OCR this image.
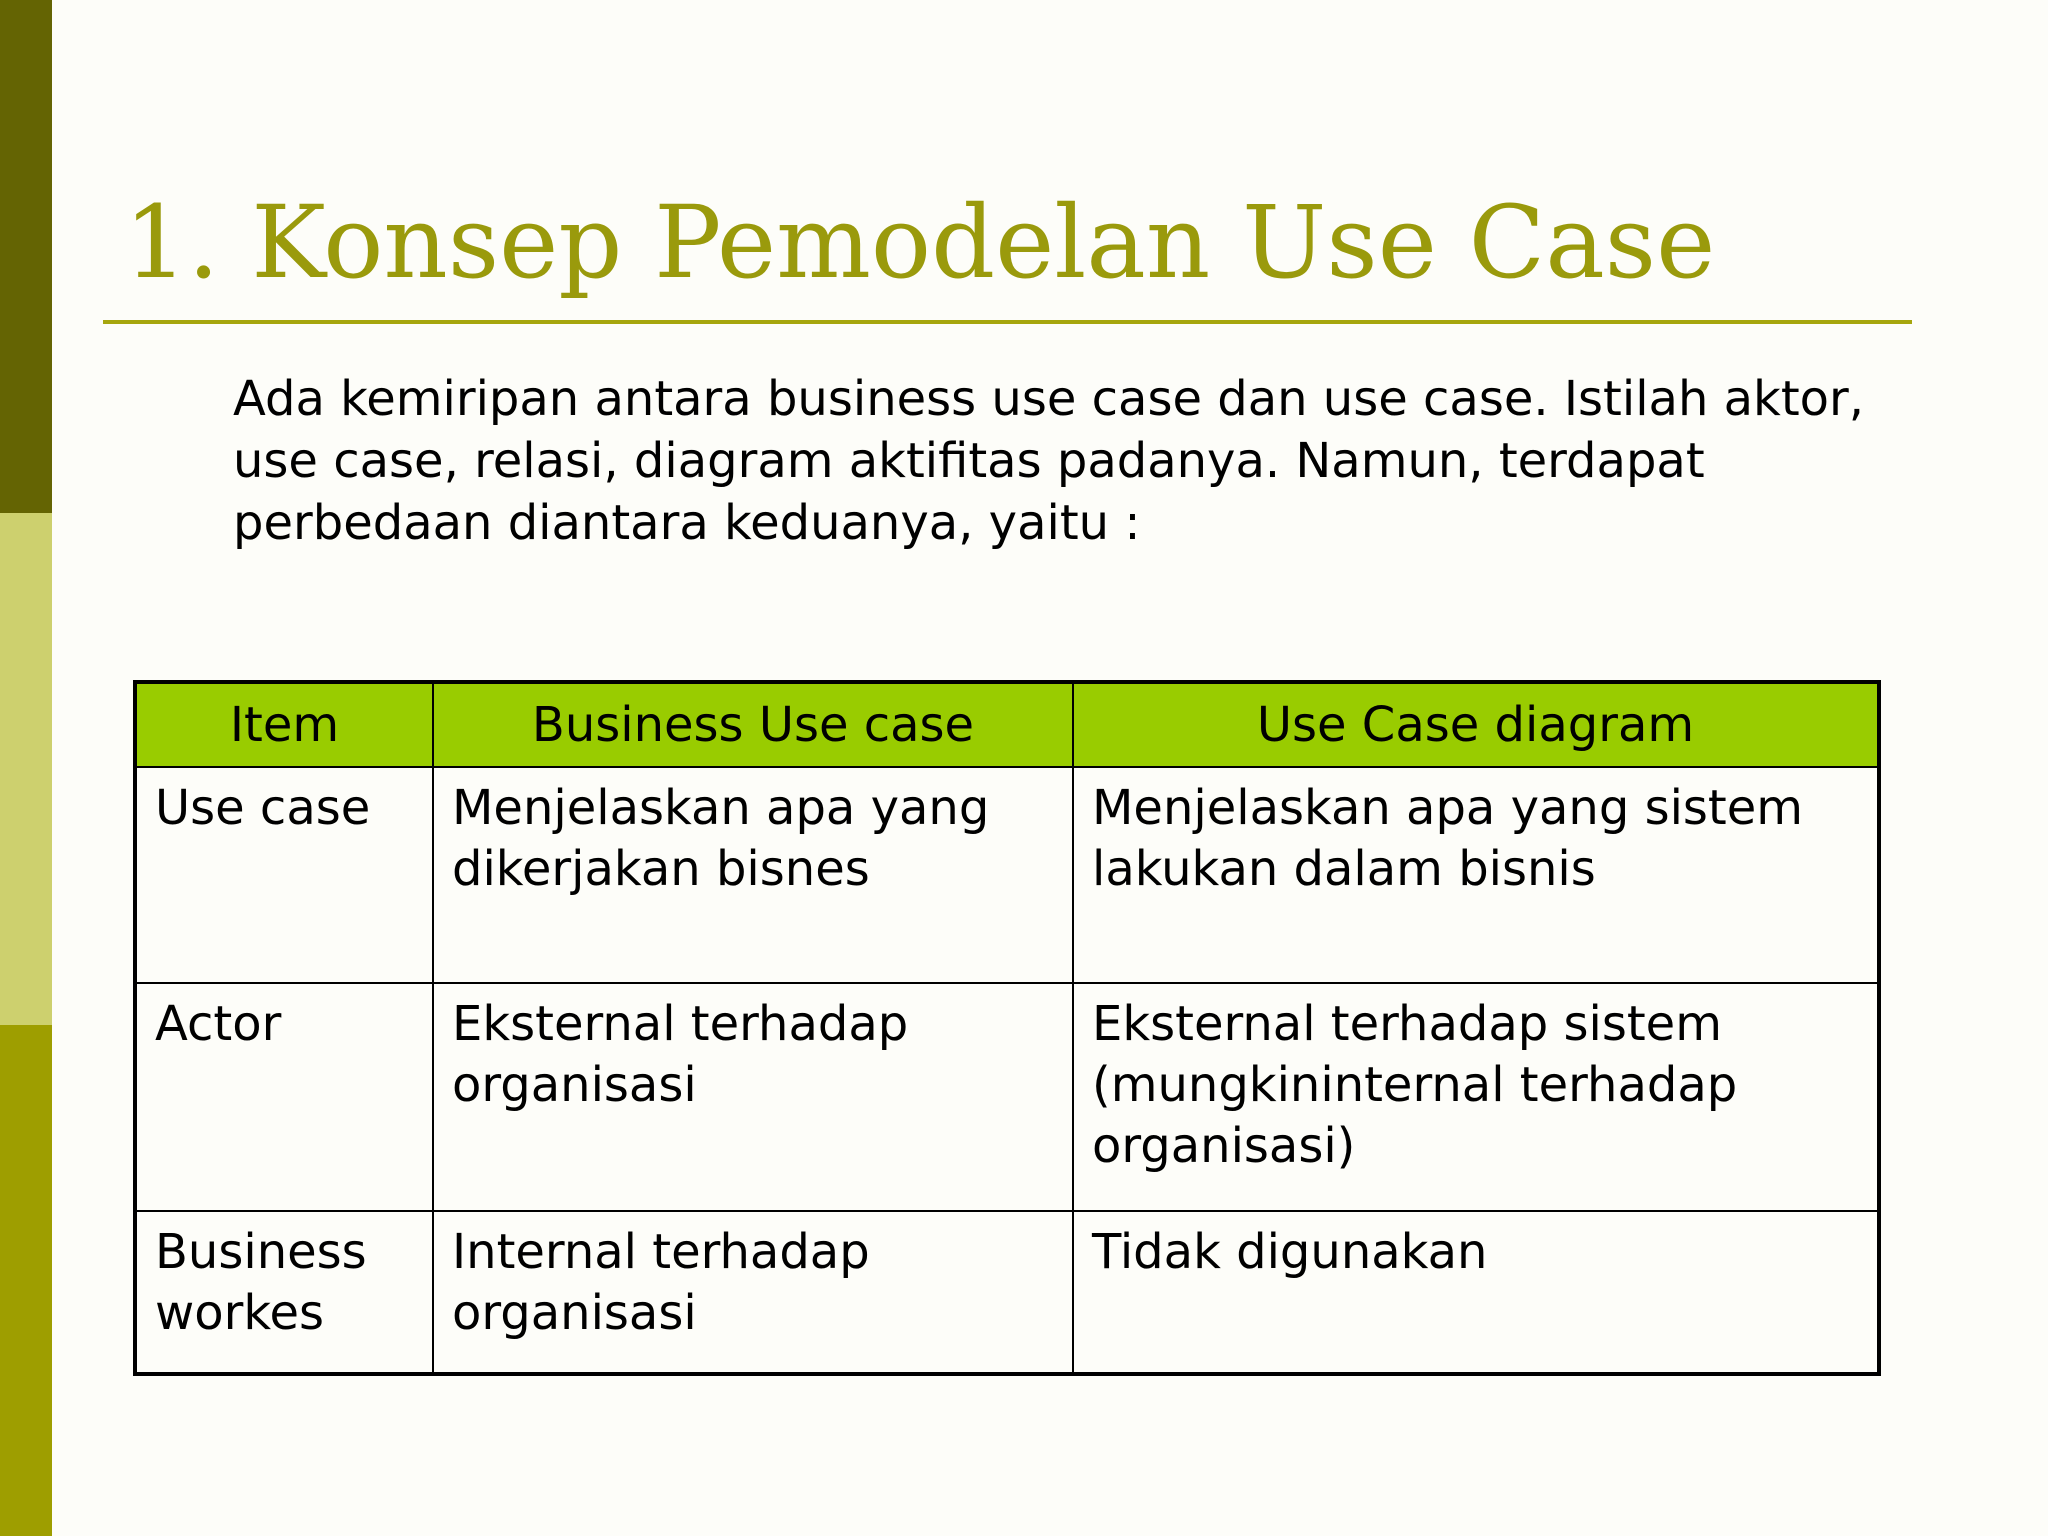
1. Konsep Pemodelan Use Case

Ada kemiripan antara business use case dan use case. Istilah aktor, use case, relasi, diagram aktifitas padanya. Namun, terdapat perbedaan diantara keduanya, yaitu :

Item	Business Use case	Use Case diagram
Use case	Menjelaskan apa yang dikerjakan bisnes	Menjelaskan apa yang sistem lakukan dalam bisnis
Actor	Eksternal terhadap organisasi	Eksternal terhadap sistem (mungkininternal terhadap organisasi)
Business workes	Internal terhadap organisasi	Tidak digunakan
